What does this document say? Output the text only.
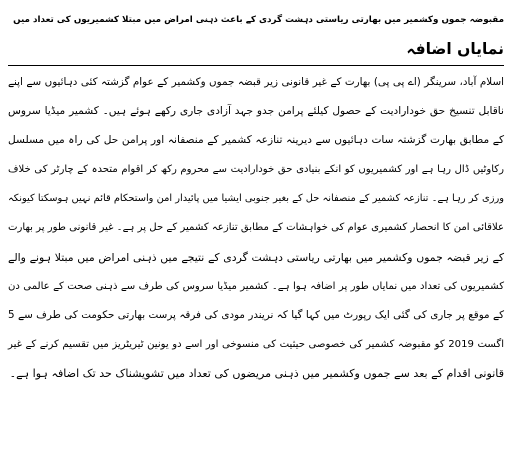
مقبوضہ جموں وکشمیر میں بھارتی ریاستی دہشت گردی کے باعث ذہنی امراض میں مبتلا کشمیریوں کی تعداد میں
نمایاں اضافہ

اسلام آباد، سرینگر (اے پی پی) بھارت کے غیر قانونی زیر قبضہ جموں وکشمیر کے عوام گزشتہ کئی دہائیوں سے اپنے

ناقابل تنسیخ حق خودارادیت کے حصول کیلئے پرامن جدو جہد آزادی جاری رکھے ہوئے ہیں۔ کشمیر میڈیا سروس

کے مطابق بھارت گزشتہ سات دہائیوں سے دیرینہ تنازعہ کشمیر کے منصفانہ اور پرامن حل کی راہ میں مسلسل

رکاوٹیں ڈال رہا ہے اور کشمیریوں کو انکے بنیادی حق خودارادیت سے محروم رکھ کر اقوام متحدہ کے چارٹر کی خلاف

ورزی کر رہا ہے۔ تنازعہ کشمیر کے منصفانہ حل کے بغیر جنوبی ایشیا میں پائیدار امن واستحکام قائم نہیں ہوسکتا کیونکہ

علاقائی امن کا انحصار کشمیری عوام کی خواہشات کے مطابق تنازعہ کشمیر کے حل پر ہے۔ غیر قانونی طور پر بھارت

کے زیر قبضہ جموں وکشمیر میں بھارتی ریاستی دہشت گردی کے نتیجے میں ذہنی امراض میں مبتلا ہونے والے

کشمیریوں کی تعداد میں نمایاں طور پر اضافہ ہوا ہے۔ کشمیر میڈیا سروس کی طرف سے ذہنی صحت کے عالمی دن

کے موقع پر جاری کی گئی ایک رپورٹ میں کہا گیا کہ نریندر مودی کی فرقہ پرست بھارتی حکومت کی طرف سے 5

اگست 2019 کو مقبوضہ کشمیر کی خصوصی حیثیت کی منسوخی اور اسے دو یونین ٹیریٹریز میں تقسیم کرنے کے غیر

قانونی اقدام کے بعد سے جموں وکشمیر میں ذہنی مریضوں کی تعداد میں تشویشناک حد تک اضافہ ہوا ہے۔
